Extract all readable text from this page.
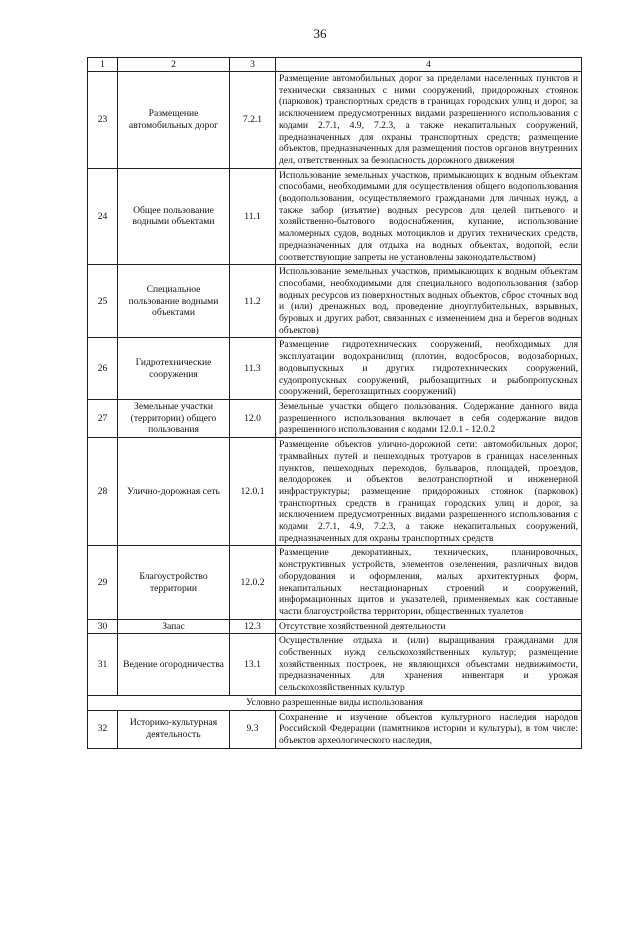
36
1	2	3	4
23	Размещение автомобильных дорог	7.2.1	Размещение автомобильных дорог за пределами населенных пунктов и технически связанных с ними сооружений, придорожных стоянок (парковок) транспортных средств в границах городских улиц и дорог, за исключением предусмотренных видами разрешенного использования с кодами 2.7.1, 4.9, 7.2.3, а также некапитальных сооружений, предназначенных для охраны транспортных средств; размещение объектов, предназначенных для размещения постов органов внутренних дел, ответственных за безопасность дорожного движения
24	Общее пользование водными объектами	11.1	Использование земельных участков, примыкающих к водным объектам способами, необходимыми для осуществления общего водопользования (водопользования, осуществляемого гражданами для личных нужд, а также забор (изъятие) водных ресурсов для целей питьевого и хозяйственно-бытового водоснабжения, купание, использование маломерных судов, водных мотоциклов и других технических средств, предназначенных для отдыха на водных объектах, водопой, если соответствующие запреты не установлены законодательством)
25	Специальное пользование водными объектами	11.2	Использование земельных участков, примыкающих к водным объектам способами, необходимыми для специального водопользования (забор водных ресурсов из поверхностных водных объектов, сброс сточных вод и (или) дренажных вод, проведение дноуглубительных, взрывных, буровых и других работ, связанных с изменением дна и берегов водных объектов)
26	Гидротехнические сооружения	11.3	Размещение гидротехнических сооружений, необходимых для эксплуатации водохранилищ (плотин, водосбросов, водозаборных, водовыпускных и других гидротехнических сооружений, судопропускных сооружений, рыбозащитных и рыбопропускных сооружений, берегозащитных сооружений)
27	Земельные участки (территории) общего пользования	12.0	Земельные участки общего пользования. Содержание данного вида разрешенного использования включает в себя содержание видов разрешенного использования с кодами 12.0.1 - 12.0.2
28	Улично-дорожная сеть	12.0.1	Размещение объектов улично-дорожной сети: автомобильных дорог, трамвайных путей и пешеходных тротуаров в границах населенных пунктов, пешеходных переходов, бульваров, площадей, проездов, велодорожек и объектов велотранспортной и инженерной инфраструктуры; размещение придорожных стоянок (парковок) транспортных средств в границах городских улиц и дорог, за исключением предусмотренных видами разрешенного использования с кодами 2.7.1, 4.9, 7.2.3, а также некапитальных сооружений, предназначенных для охраны транспортных средств
29	Благоустройство территории	12.0.2	Размещение декоративных, технических, планировочных, конструктивных устройств, элементов озеленения, различных видов оборудования и оформления, малых архитектурных форм, некапитальных нестационарных строений и сооружений, информационных щитов и указателей, применяемых как составные части благоустройства территории, общественных туалетов
30	Запас	12.3	Отсутствие хозяйственной деятельности
31	Ведение огородничества	13.1	Осуществление отдыха и (или) выращивания гражданами для собственных нужд сельскохозяйственных культур; размещение хозяйственных построек, не являющихся объектами недвижимости, предназначенных для хранения инвентаря и урожая сельскохозяйственных культур
Условно разрешенные виды использования			
32	Историко-культурная деятельность	9.3	Сохранение и изучение объектов культурного наследия народов Российской Федерации (памятников истории и культуры), в том числе: объектов археологического наследия,
